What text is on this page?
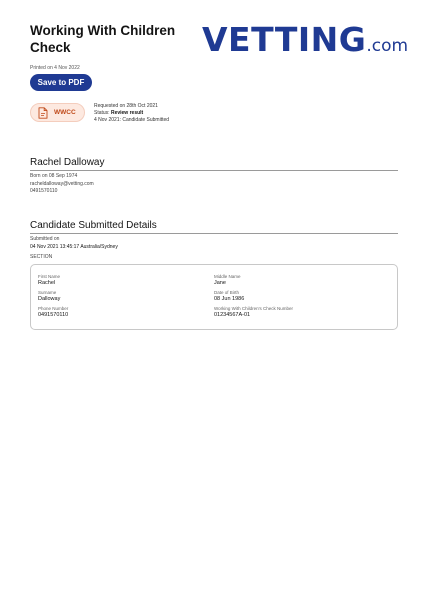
Working With Children Check	VETTING.com
Printed on 4 Nov 2022
Save to PDF
WWCC
Requested on 28th Oct 2021
Status: Review result
4 Nov 2021: Candidate Submitted
Rachel Dalloway
Born on 08 Sep 1974
racheldalloway@vetting.com
0491570110
Candidate Submitted Details
Submitted on
04 Nov 2021 13:45:17 Australia/Sydney
SECTION
First Name
Rachel
Middle Name
Jane
Surname
Dalloway
Date of Birth
08 Jun 1986
Phone Number
0491570110
Working With Children's Check Number
01234567A-01
